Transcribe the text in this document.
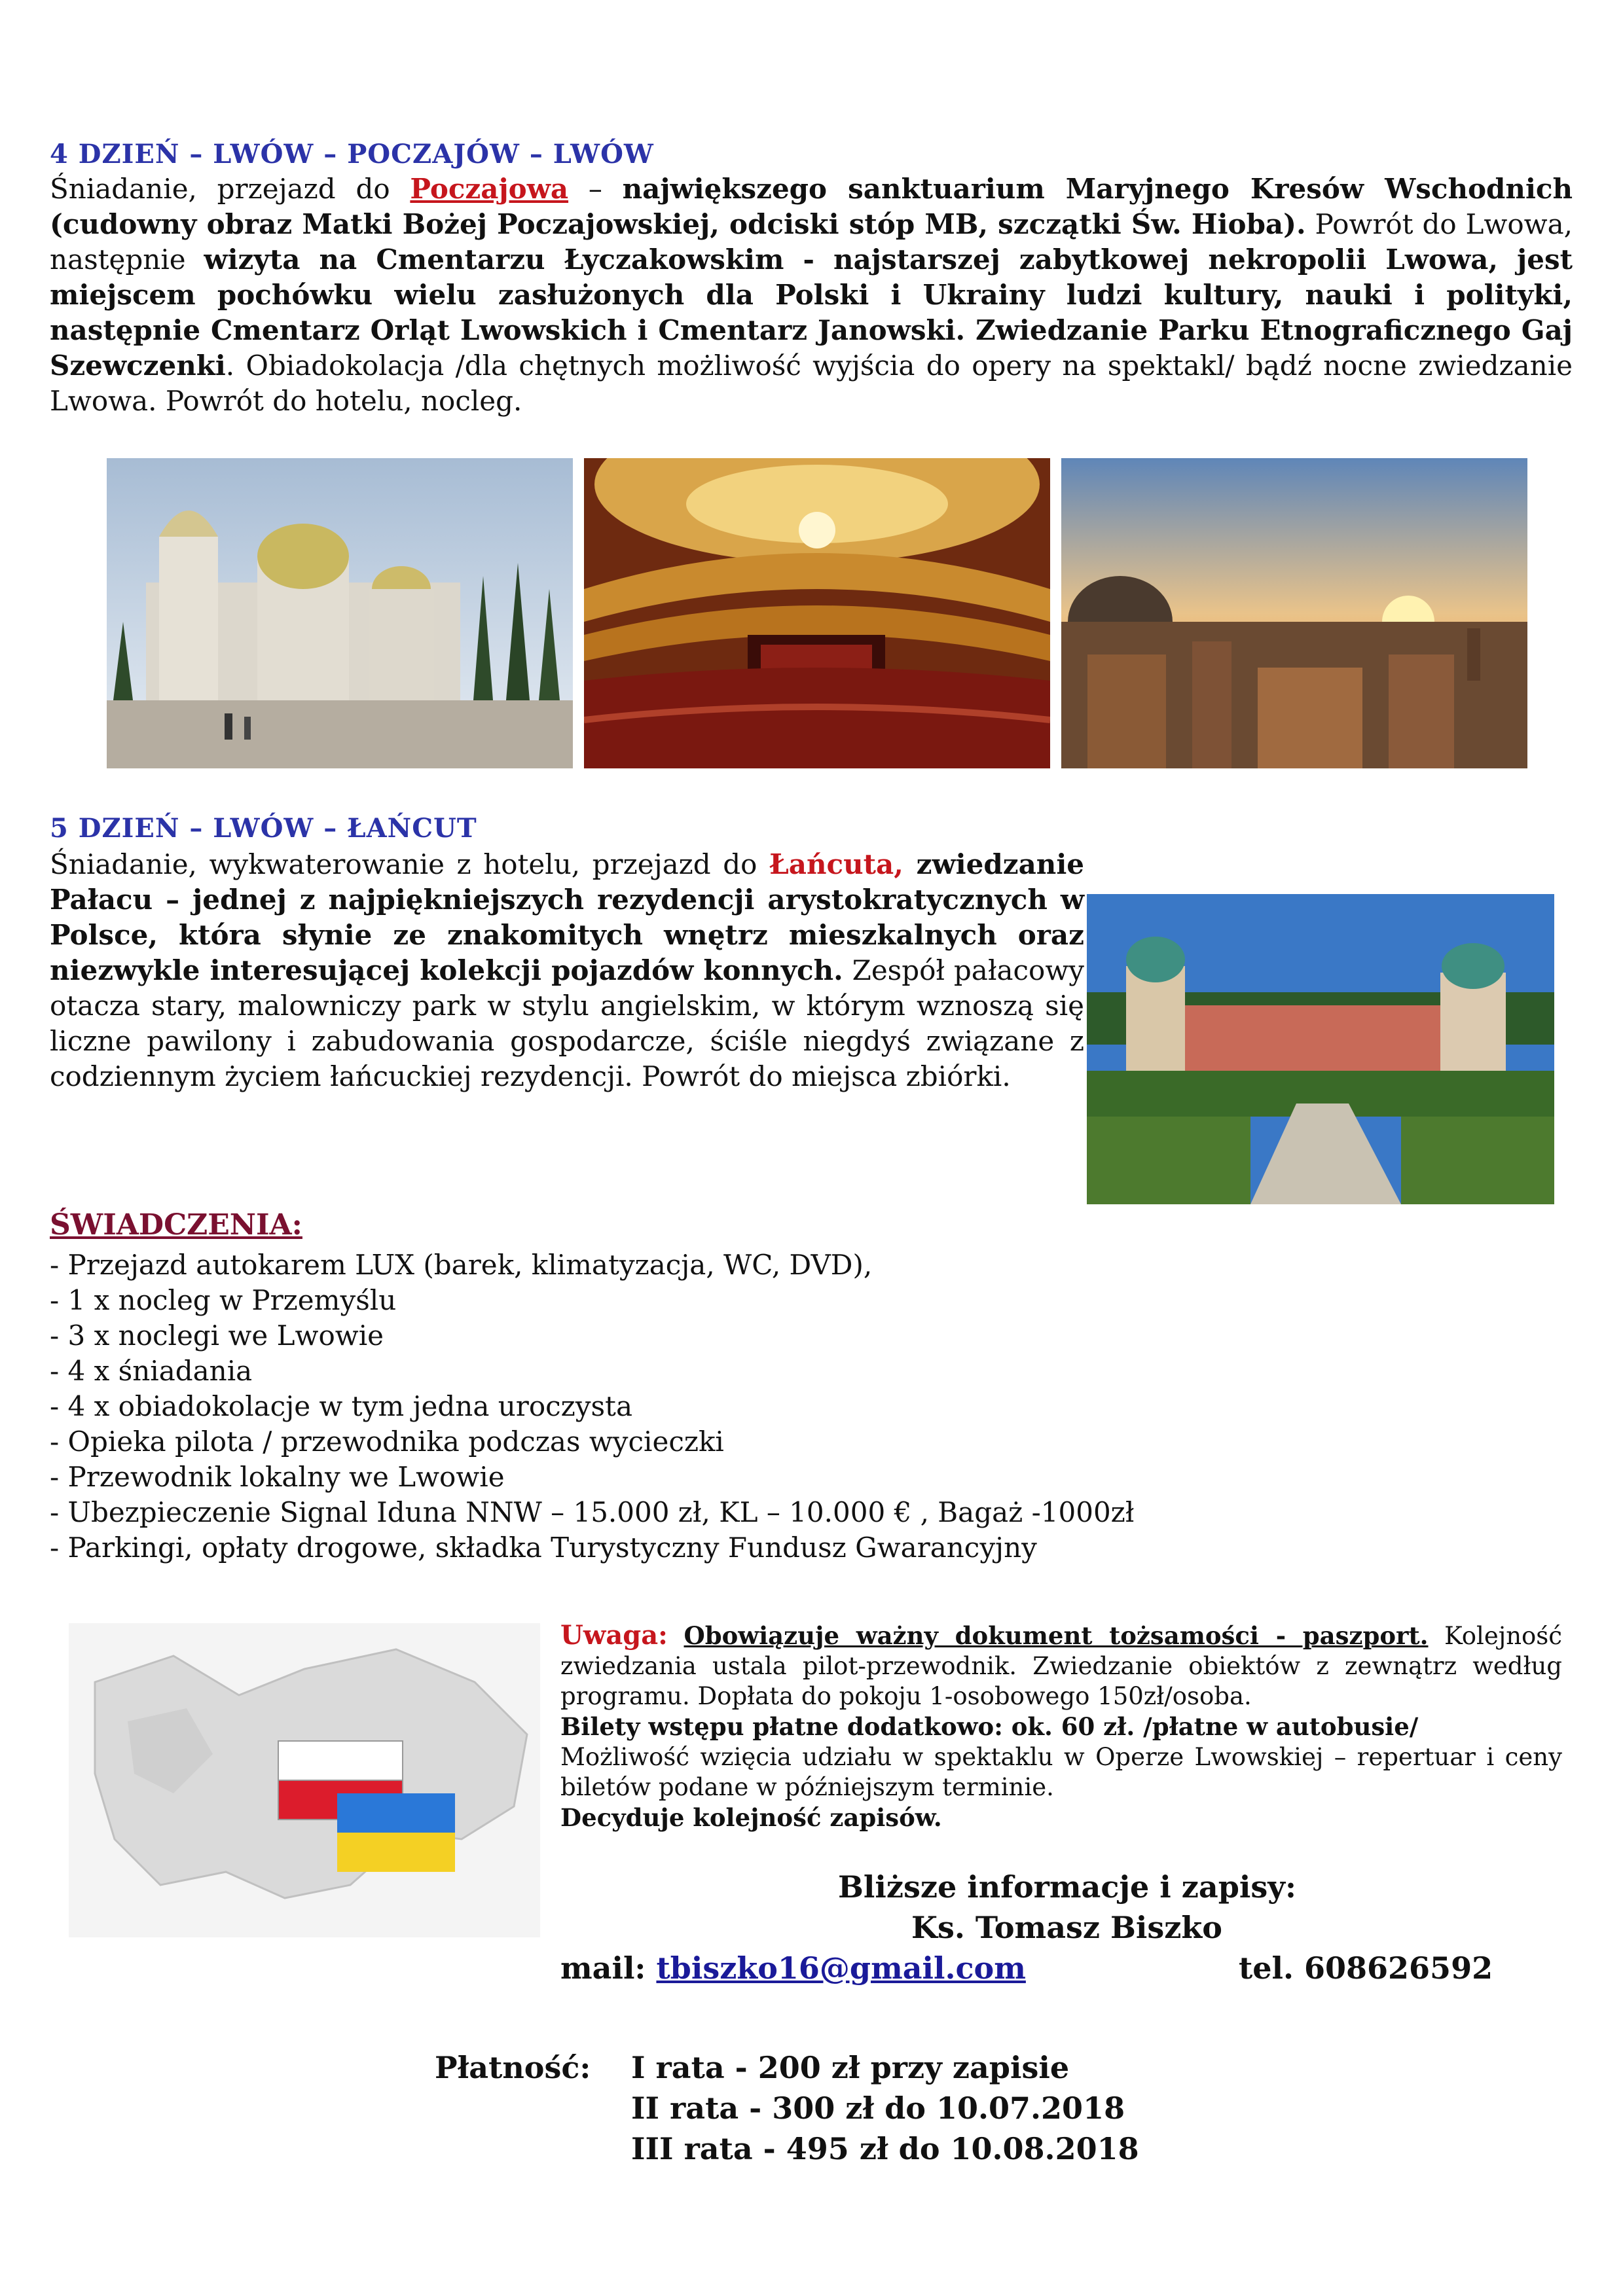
4 DZIEŃ – LWÓW – POCZAJÓW – LWÓW
Śniadanie, przejazd do Poczajowa – największego sanktuarium Maryjnego Kresów Wschodnich (cudowny obraz Matki Bożej Poczajowskiej, odciski stóp MB, szczątki Św. Hioba). Powrót do Lwowa, następnie wizyta na Cmentarzu Łyczakowskim - najstarszej zabytkowej nekropolii Lwowa, jest miejscem pochówku wielu zasłużonych dla Polski i Ukrainy ludzi kultury, nauki i polityki, następnie Cmentarz Orląt Lwowskich i Cmentarz Janowski. Zwiedzanie Parku Etnograficznego Gaj Szewczenki. Obiadokolacja /dla chętnych możliwość wyjścia do opery na spektakl/ bądź nocne zwiedzanie Lwowa. Powrót do hotelu, nocleg.
5 DZIEŃ – LWÓW – ŁAŃCUT
Śniadanie, wykwaterowanie z hotelu, przejazd do Łańcuta, zwiedzanie Pałacu – jednej z najpiękniejszych rezydencji arystokratycznych w Polsce, która słynie ze znakomitych wnętrz mieszkalnych oraz niezwykle interesującej kolekcji pojazdów konnych. Zespół pałacowy otacza stary, malowniczy park w stylu angielskim, w którym wznoszą się liczne pawilony i zabudowania gospodarcze, ściśle niegdyś związane z codziennym życiem łańcuckiej rezydencji. Powrót do miejsca zbiórki.
ŚWIADCZENIA:
- Przejazd autokarem LUX (barek, klimatyzacja, WC, DVD),
- 1 x nocleg w Przemyślu
- 3 x noclegi we Lwowie
- 4 x śniadania
- 4 x obiadokolacje w tym jedna uroczysta
- Opieka pilota / przewodnika podczas wycieczki
- Przewodnik lokalny we Lwowie
- Ubezpieczenie Signal Iduna NNW – 15.000 zł, KL – 10.000 € , Bagaż -1000zł
- Parkingi, opłaty drogowe, składka Turystyczny Fundusz Gwarancyjny
Uwaga: Obowiązuje ważny dokument tożsamości - paszport. Kolejność zwiedzania ustala pilot-przewodnik. Zwiedzanie obiektów z zewnątrz według programu. Dopłata do pokoju 1-osobowego 150zł/osoba.
Bilety wstępu płatne dodatkowo: ok. 60 zł. /płatne w autobusie/
Możliwość wzięcia udziału w spektaklu w Operze Lwowskiej – repertuar i ceny biletów podane w późniejszym terminie.
Decyduje kolejność zapisów.
Bliższe informacje i zapisy:
Ks. Tomasz Biszko
mail: tbiszko16@gmail.com	tel. 608626592
Płatność: I rata - 200 zł przy zapisie
II rata - 300 zł do 10.07.2018
III rata - 495 zł do 10.08.2018
